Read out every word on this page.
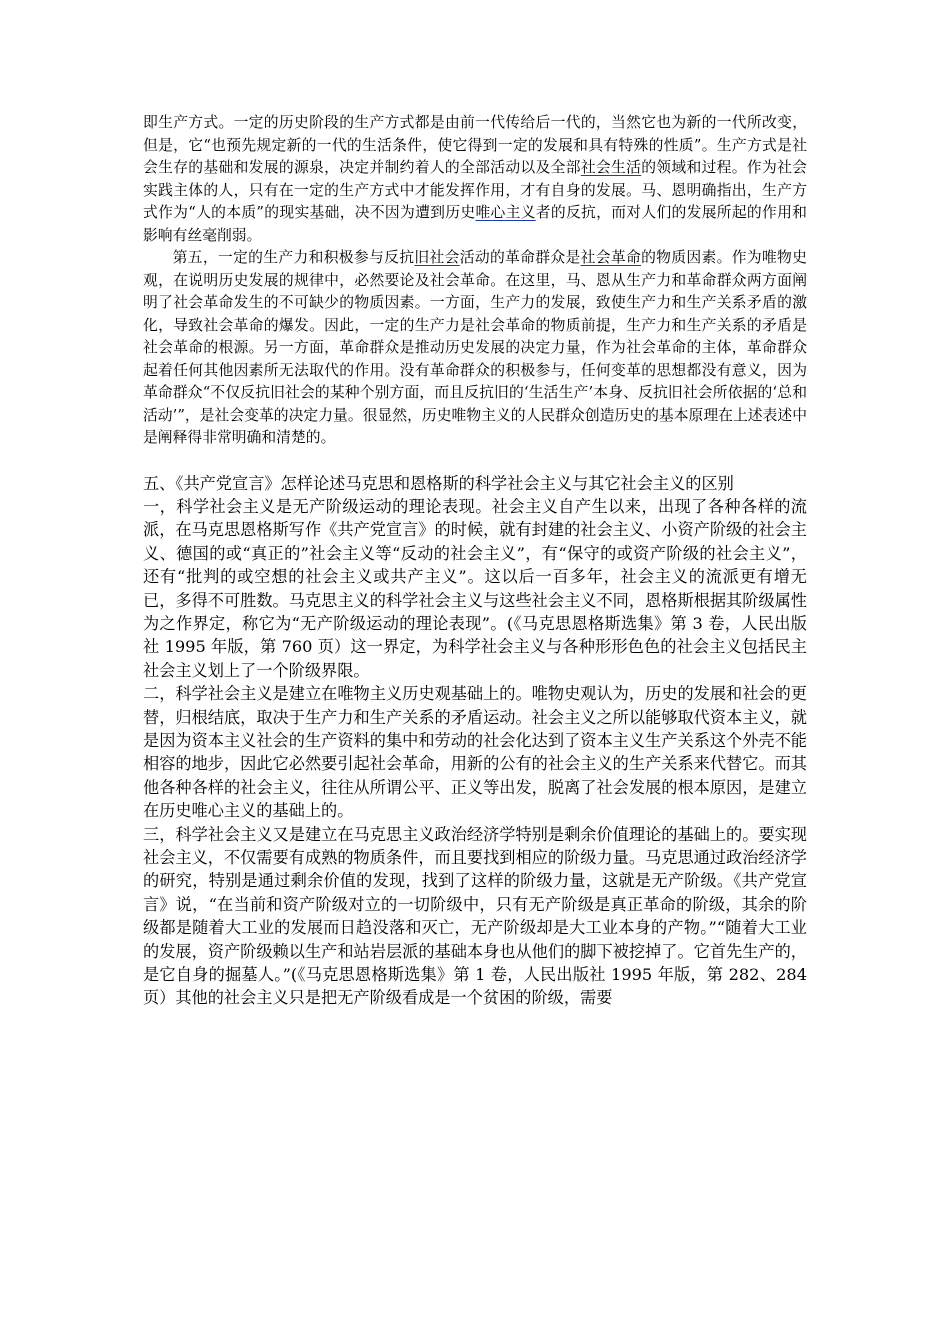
即生产方式。一定的历史阶段的生产方式都是由前一代传给后一代的，当然它也为新的一代所改变，但是，它“也预先规定新的一代的生活条件，使它得到一定的发展和具有特殊的性质”。生产方式是社会生存的基础和发展的源泉，决定并制约着人的全部活动以及全部社会生活的领域和过程。作为社会实践主体的人，只有在一定的生产方式中才能发挥作用，才有自身的发展。马、恩明确指出，生产方式作为“人的本质”的现实基础，决不因为遭到历史唯心主义者的反抗，而对人们的发展所起的作用和影响有丝毫削弱。

第五，一定的生产力和积极参与反抗旧社会活动的革命群众是社会革命的物质因素。作为唯物史观，在说明历史发展的规律中，必然要论及社会革命。在这里，马、恩从生产力和革命群众两方面阐明了社会革命发生的不可缺少的物质因素。一方面，生产力的发展，致使生产力和生产关系矛盾的激化，导致社会革命的爆发。因此，一定的生产力是社会革命的物质前提，生产力和生产关系的矛盾是社会革命的根源。另一方面，革命群众是推动历史发展的决定力量，作为社会革命的主体，革命群众起着任何其他因素所无法取代的作用。没有革命群众的积极参与，任何变革的思想都没有意义，因为革命群众“不仅反抗旧社会的某种个别方面，而且反抗旧的‘生活生产’本身、反抗旧社会所依据的‘总和活动’”，是社会变革的决定力量。很显然，历史唯物主义的人民群众创造历史的基本原理在上述表述中是阐释得非常明确和清楚的。

五、《共产党宣言》怎样论述马克思和恩格斯的科学社会主义与其它社会主义的区别

一，科学社会主义是无产阶级运动的理论表现。社会主义自产生以来，出现了各种各样的流派，在马克思恩格斯写作《共产党宣言》的时候，就有封建的社会主义、小资产阶级的社会主义、德国的或“真正的”社会主义等“反动的社会主义”，有“保守的或资产阶级的社会主义”，还有“批判的或空想的社会主义或共产主义”。这以后一百多年，社会主义的流派更有增无已，多得不可胜数。马克思主义的科学社会主义与这些社会主义不同，恩格斯根据其阶级属性为之作界定，称它为“无产阶级运动的理论表现”。(《马克思恩格斯选集》第 3 卷，人民出版社 1995 年版，第 760 页）这一界定，为科学社会主义与各种形形色色的社会主义包括民主社会主义划上了一个阶级界限。

二，科学社会主义是建立在唯物主义历史观基础上的。唯物史观认为，历史的发展和社会的更替，归根结底，取决于生产力和生产关系的矛盾运动。社会主义之所以能够取代资本主义，就是因为资本主义社会的生产资料的集中和劳动的社会化达到了资本主义生产关系这个外壳不能相容的地步，因此它必然要引起社会革命，用新的公有的社会主义的生产关系来代替它。而其他各种各样的社会主义，往往从所谓公平、正义等出发，脱离了社会发展的根本原因，是建立在历史唯心主义的基础上的。

三，科学社会主义又是建立在马克思主义政治经济学特别是剩余价值理论的基础上的。要实现社会主义，不仅需要有成熟的物质条件，而且要找到相应的阶级力量。马克思通过政治经济学的研究，特别是通过剩余价值的发现，找到了这样的阶级力量，这就是无产阶级。《共产党宣言》说，“在当前和资产阶级对立的一切阶级中，只有无产阶级是真正革命的阶级，其余的阶级都是随着大工业的发展而日趋没落和灭亡，无产阶级却是大工业本身的产物。”“随着大工业的发展，资产阶级赖以生产和站岩层派的基础本身也从他们的脚下被挖掉了。它首先生产的，是它自身的掘墓人。”(《马克思恩格斯选集》第 1 卷，人民出版社 1995 年版，第 282、284 页）其他的社会主义只是把无产阶级看成是一个贫困的阶级，需要
